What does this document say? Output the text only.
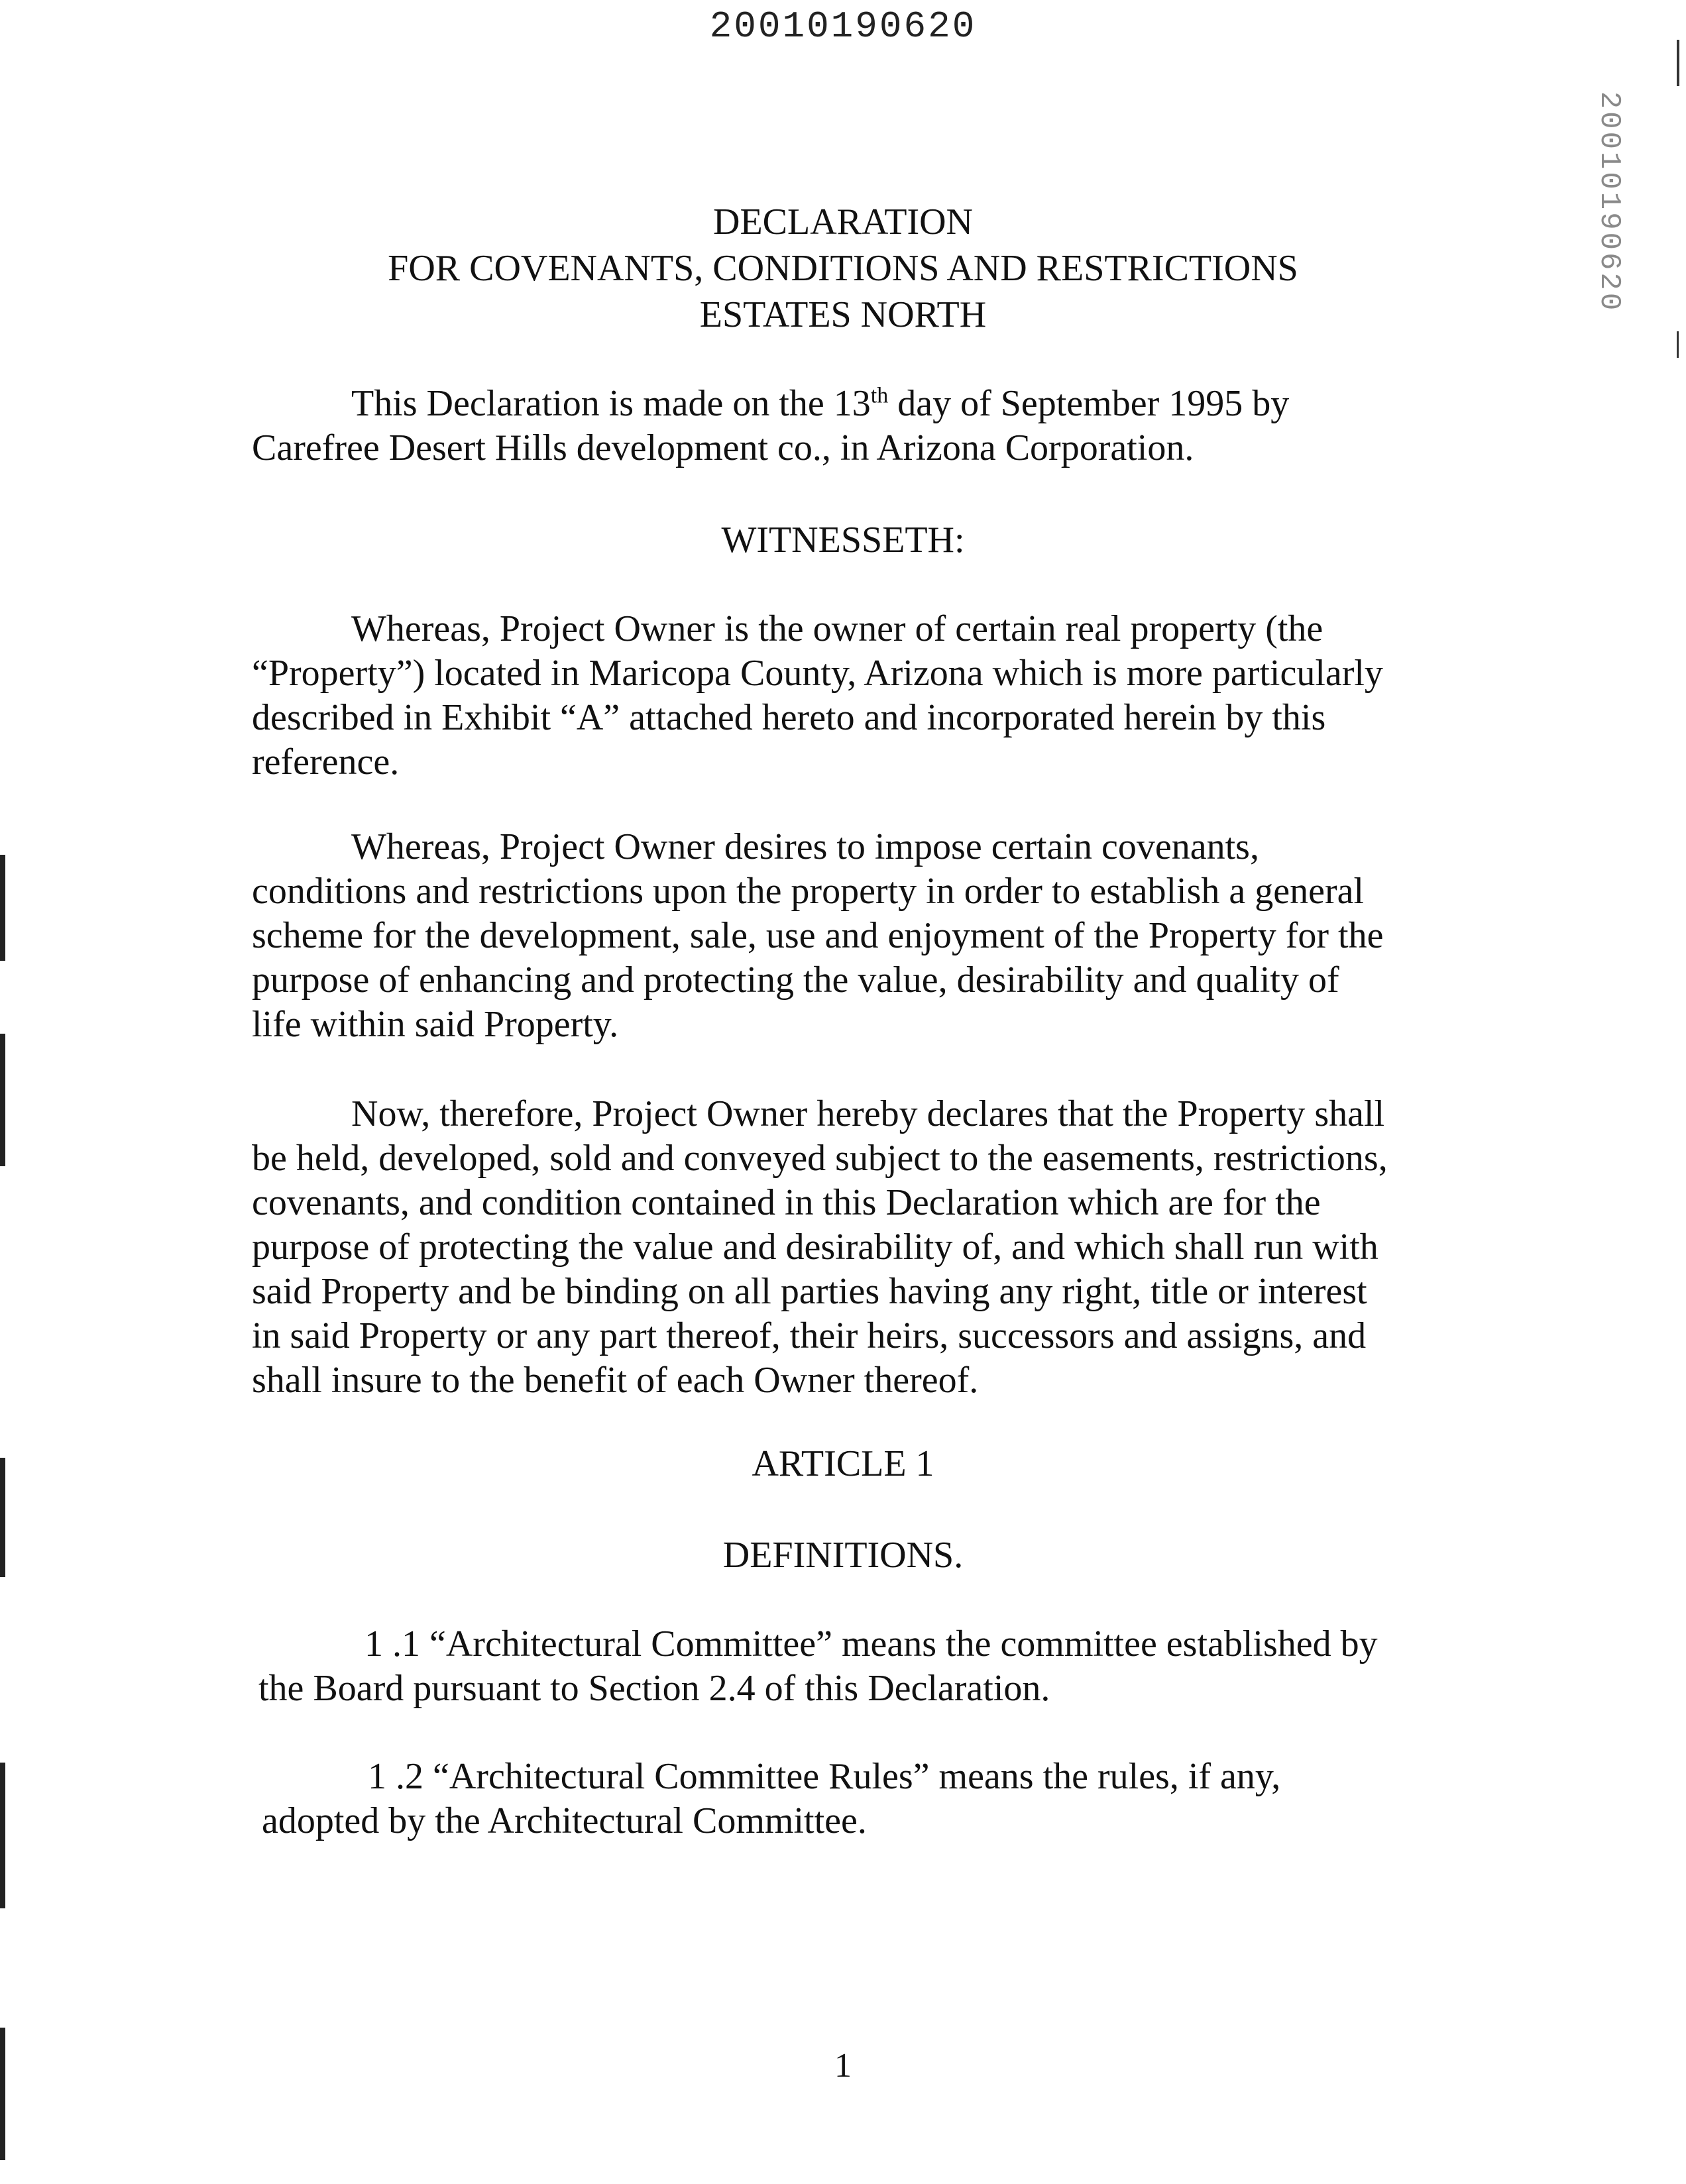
20010190620
20010190620
DECLARATION
FOR COVENANTS, CONDITIONS AND RESTRICTIONS
ESTATES NORTH
This Declaration is made on the 13th day of September 1995 by
Carefree Desert Hills development co., in Arizona Corporation.
WITNESSETH:
Whereas, Project Owner is the owner of certain real property (the
“Property”) located in Maricopa County, Arizona which is more particularly
described in Exhibit “A” attached hereto and incorporated herein by this
reference.
Whereas, Project Owner desires to impose certain covenants,
conditions and restrictions upon the property in order to establish a general
scheme for the development, sale, use and enjoyment of the Property for the
purpose of enhancing and protecting the value, desirability and quality of
life within said Property.
Now, therefore, Project Owner hereby declares that the Property shall
be held, developed, sold and conveyed subject to the easements, restrictions,
covenants, and condition contained in this Declaration which are for the
purpose of protecting the value and desirability of, and which shall run with
said Property and be binding on all parties having any right, title or interest
in said Property or any part thereof, their heirs, successors and assigns, and
shall insure to the benefit of each Owner thereof.
ARTICLE 1
DEFINITIONS.
1 .1 “Architectural Committee” means the committee established by
the Board pursuant to Section 2.4 of this Declaration.
1 .2 “Architectural Committee Rules” means the rules, if any,
adopted by the Architectural Committee.
1
